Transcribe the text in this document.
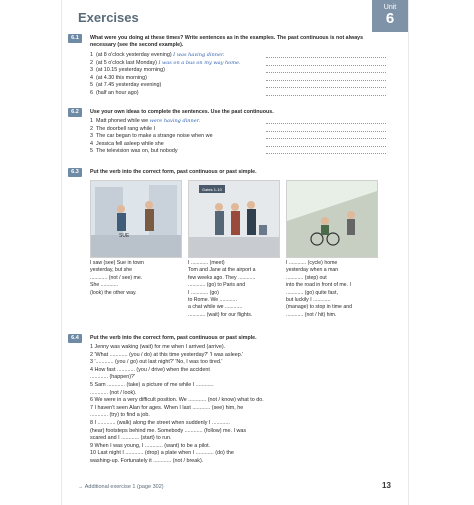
Exercises
Unit
6
6.1	What were you doing at these times? Write sentences as in the examples. The past continuous is not always necessary (see the second example).
1 (at 8 o'clock yesterday evening) I was having dinner.
2 (at 5 o'clock last Monday) I was on a bus on my way home.
3 (at 10.15 yesterday morning)
4 (at 4.30 this morning)
5 (at 7.45 yesterday evening)
6 (half an hour ago)
6.2	Use your own ideas to complete the sentences. Use the past continuous.
1 Matt phoned while we were having dinner.
2 The doorbell rang while I
3 The car began to make a strange noise when we
4 Jessica fell asleep while she
5 The television was on, but nobody
6.3	Put the verb into the correct form, past continuous or past simple.
SUE
Gates 1-10
I saw (see) Sue in town
yesterday, but she
............ (not / see) me.
She ............
(look) the other way.
I ............ (meet)
Tom and Jane at the airport a
few weeks ago. They ............
............ (go) to Paris and
I ............ (go)
to Rome. We ............
a chat while we ............
............ (wait) for our flights.
I ............ (cycle) home
yesterday when a man
............ (step) out
into the road in front of me. I
............ (go) quite fast,
but luckily I ............
(manage) to stop in time and
............ (not / hit) him.
6.4	Put the verb into the correct form, past continuous or past simple.
1 Jenny was waking (wait) for me when I arrived (arrive).
2 'What ............ (you / do) at this time yesterday?' 'I was asleep.'
3 '............ (you / go) out last night?' 'No, I was too tired.'
4 How fast ............ (you / drive) when the accident
............ (happen)?'
5 Sam ............ (take) a picture of me while I ............
............ (not / look).
6 We were in a very difficult position. We ............ (not / know) what to do.
7 I haven't seen Alan for ages. When I last ............ (see) him, he
............ (try) to find a job.
8 I ............ (walk) along the street when suddenly I ............
(hear) footsteps behind me. Somebody ............ (follow) me. I was
scared and I ............ (start) to run.
9 When I was young, I ............ (want) to be a pilot.
10 Last night I ............ (drop) a plate when I ............ (do) the
washing-up. Fortunately it ............ (not / break).
→ Additional exercise 1 (page 302)	13
